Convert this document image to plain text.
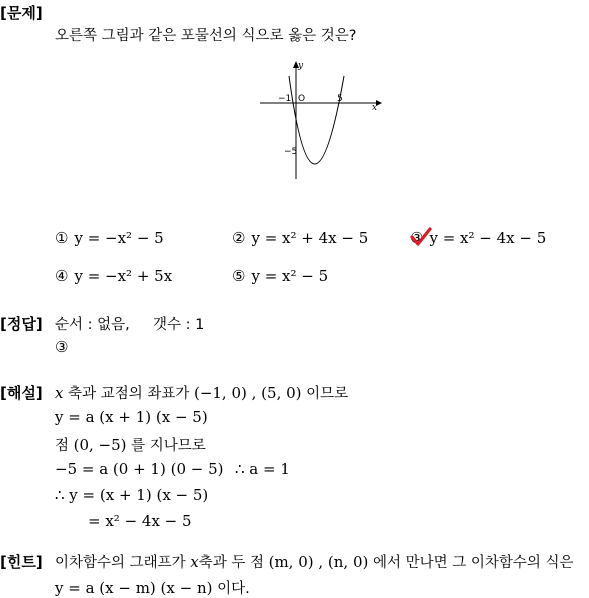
[문제]
오른쪽 그림과 같은 포물선의 식으로 옳은 것은?
y
x
O
−1	5
−5
① y = −x² − 5	② y = x² + 4x − 5	③ y = x² − 4x − 5
④ y = −x² + 5x	⑤ y = x² − 5
[정답] 순서 : 없음, 갯수 : 1
③
[해설] x 축과 교점의 좌표가 (−1, 0) , (5, 0) 이므로
y = a (x + 1) (x − 5)
점 (0, −5) 를 지나므로
−5 = a (0 + 1) (0 − 5) ∴ a = 1
∴ y = (x + 1) (x − 5)
= x² − 4x − 5
[힌트] 이차함수의 그래프가 x축과 두 점 (m, 0) , (n, 0) 에서 만나면 그 이차함수의 식은
y = a (x − m) (x − n) 이다.
